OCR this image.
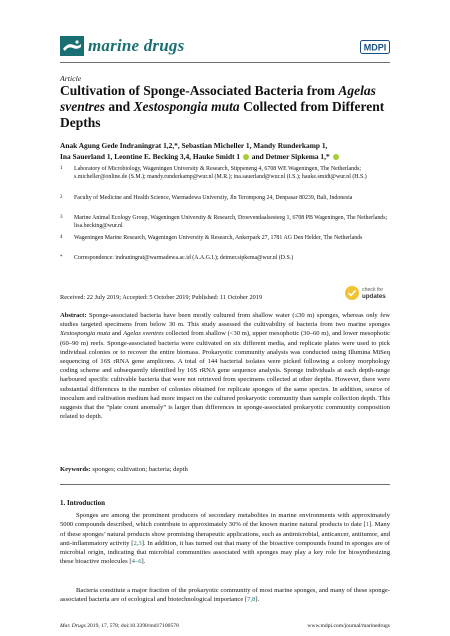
marine drugs	MDPI
Article
Cultivation of Sponge-Associated Bacteria from Agelas sventres and Xestospongia muta Collected from Different Depths
Anak Agung Gede Indraningrat 1,2,*, Sebastian Micheller 1, Mandy Runderkamp 1,
Ina Sauerland 1, Leontine E. Becking 3,4, Hauke Smidt 1  and Detmer Sipkema 1,*
1 Laboratory of Microbiology, Wageningen University & Research, Stippeneng 4, 6708 WE Wageningen, The Netherlands; s.micheller@online.de (S.M.); mandy.runderkamp@wur.nl (M.R.); ina.sauerland@wur.nl (I.S.); hauke.smidt@wur.nl (H.S.)
2 Faculty of Medicine and Health Science, Warmadewa University, Jln Terompong 24, Denpasar 80239, Bali, Indonesia
3 Marine Animal Ecology Group, Wageningen University & Research, Droevendaalsesteeg 1, 6708 PB Wageningen, The Netherlands; lisa.becking@wur.nl
4 Wageningen Marine Research, Wageningen University & Research, Ankerpark 27, 1781 AG Den Helder, The Netherlands
* Correspondence: indraningrat@warmadewa.ac.id (A.A.G.I.); detmer.sipkema@wur.nl (D.S.)
Received: 22 July 2019; Accepted: 5 October 2019; Published: 11 October 2019
check for
updates
Abstract: Sponge-associated bacteria have been mostly cultured from shallow water (≤30 m) sponges, whereas only few studies targeted specimens from below 30 m. This study assessed the cultivability of bacteria from two marine sponges Xestospongia muta and Agelas sventres collected from shallow (<30 m), upper mesophotic (30–60 m), and lower mesophotic (60–90 m) reefs. Sponge-associated bacteria were cultivated on six different media, and replicate plates were used to pick individual colonies or to recover the entire biomass. Prokaryotic community analysis was conducted using Illumina MiSeq sequencing of 16S rRNA gene amplicons. A total of 144 bacterial isolates were picked following a colony morphology coding scheme and subsequently identified by 16S rRNA gene sequence analysis. Sponge individuals at each depth-range harboured specific cultivable bacteria that were not retrieved from specimens collected at other depths. However, there were substantial differences in the number of colonies obtained for replicate sponges of the same species. In addition, source of inoculum and cultivation medium had more impact on the cultured prokaryotic community than sample collection depth. This suggests that the “plate count anomaly” is larger than differences in sponge-associated prokaryotic community composition related to depth.
Keywords: sponges; cultivation; bacteria; depth
1. Introduction
Sponges are among the prominent producers of secondary metabolites in marine environments with approximately 5000 compounds described, which contribute to approximately 30% of the known marine natural products to date [1]. Many of these sponges’ natural products show promising therapeutic applications, such as antimicrobial, anticancer, antitumor, and anti-inflammatory activity [2,3]. In addition, it has turned out that many of the bioactive compounds found in sponges are of microbial origin, indicating that microbial communities associated with sponges may play a key role for biosynthesizing these bioactive molecules [4–6].
Bacteria constitute a major fraction of the prokaryotic community of most marine sponges, and many of these sponge-associated bacteria are of ecological and biotechnological importance [7,8].
Mar. Drugs 2019, 17, 578; doi:10.3390/md17100578	www.mdpi.com/journal/marinedrugs
